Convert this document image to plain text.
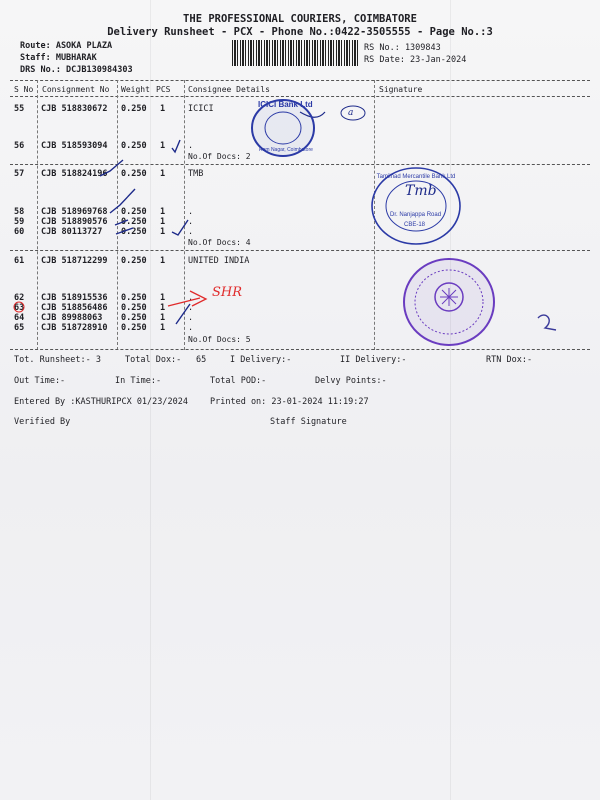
THE PROFESSIONAL COURIERS, COIMBATORE
Delivery Runsheet - PCX - Phone No.:0422-3505555 - Page No.:3
Route: ASOKA PLAZA
Staff: MUBHARAK
DRS No.: DCJB130984303
RS No.: 1309843
RS Date: 23-Jan-2024
S No Consignment No Weight PCS Consignee Details	Signature
55 CJB 518830672 0.250 1	ICICI
56 CJB 518593094 0.250 1	.
No.Of Docs: 2
57 CJB 518824196 0.250 1	TMB
58 CJB 518969768 0.250 1	.
59 CJB 518890576 0.250 1	.
60 CJB 80113727 0.250 1	.
No.Of Docs: 4
61 CJB 518712299 0.250 1	UNITED INDIA
62 CJB 518915536 0.250 1	.
63 CJB 518856486 0.250 1	.
64 CJB 89988063 0.250 1	.
65 CJB 518728910 0.250 1	.
No.Of Docs: 5
Tot. Runsheet:- 3	Total Dox:- 65	I Delivery:-	II Delivery:-	RTN Dox:-
Out Time:-	In Time:-	Total POD:-	Delvy Points:-
Entered By :KASTHURIPCX 01/23/2024	Printed on: 23-01-2024 11:19:27
Verified By	Staff Signature
a
SHR
Tmb
ICICI Bank Ltd
Ram Nagar, Coimbatore
Tamilnad Mercantile Bank Ltd
Dr. Nanjappa Road
CBE-18
